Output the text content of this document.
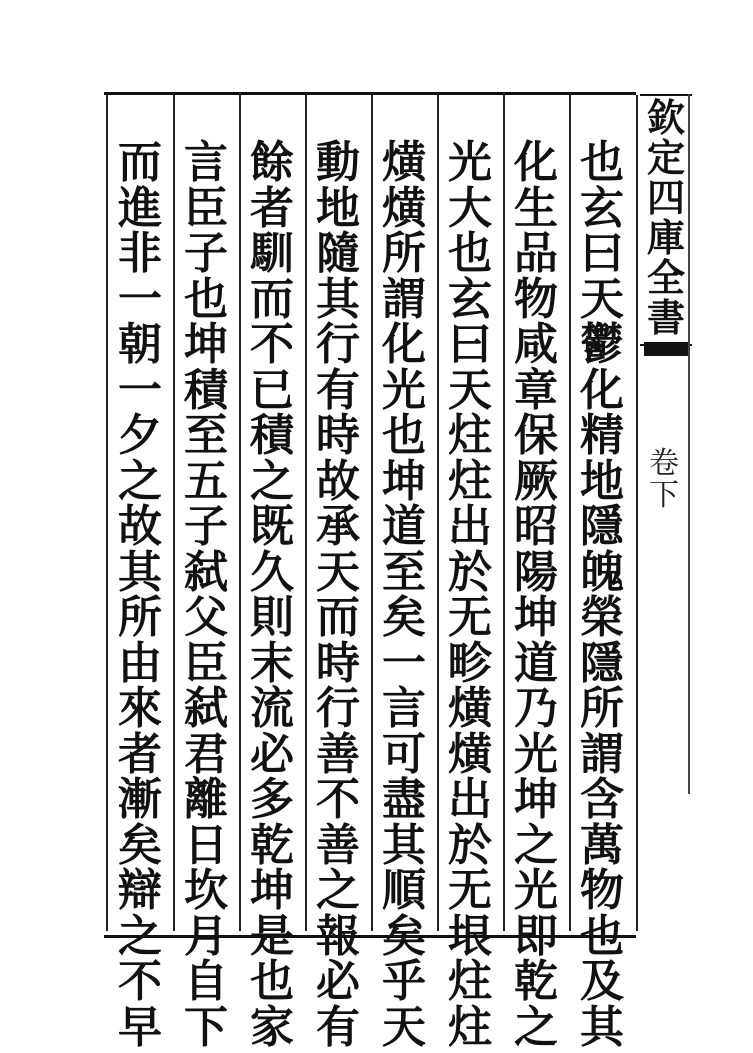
欽
定
四
庫
全
書
卷
下
也
玄
曰
天
鬱
化
精
地
隱
魄
榮
隱
所
謂
含
萬
物
也
及
其
化
生
品
物
咸
章
保
厥
昭
陽
坤
道
乃
光
坤
之
光
即
乾
之
光
大
也
玄
曰
天
炷
炷
出
於
无
畛
熿
熿
出
於
无
垠
炷
炷
熿
熿
所
謂
化
光
也
坤
道
至
矣
一
言
可
盡
其
順
矣
乎
天
動
地
隨
其
行
有
時
故
承
天
而
時
行
善
不
善
之
報
必
有
餘
者
馴
而
不
已
積
之
既
久
則
末
流
必
多
乾
坤
是
也
家
言
臣
子
也
坤
積
至
五
子
弑
父
臣
弑
君
離
日
坎
月
自
下
而
進
非
一
朝
一
夕
之
故
其
所
由
來
者
漸
矣
辯
之
不
早
